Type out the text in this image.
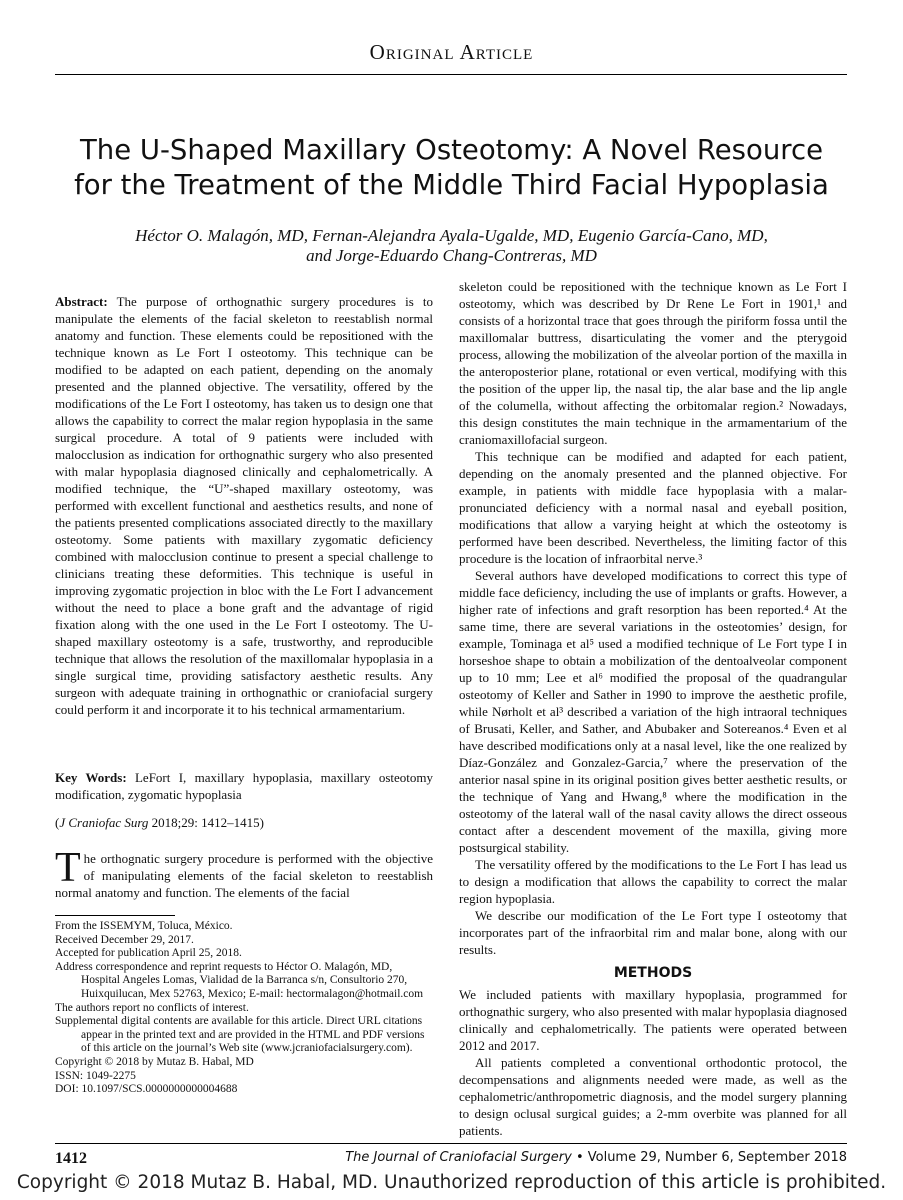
Original Article
The U-Shaped Maxillary Osteotomy: A Novel Resource
for the Treatment of the Middle Third Facial Hypoplasia
Héctor O. Malagón, MD, Fernan-Alejandra Ayala-Ugalde, MD, Eugenio García-Cano, MD,
and Jorge-Eduardo Chang-Contreras, MD

Abstract: The purpose of orthognathic surgery procedures is to manipulate the elements of the facial skeleton to reestablish normal anatomy and function. These elements could be repositioned with the technique known as Le Fort I osteotomy. This technique can be modified to be adapted on each patient, depending on the anomaly presented and the planned objective. The versatility, offered by the modifications of the Le Fort I osteotomy, has taken us to design one that allows the capability to correct the malar region hypoplasia in the same surgical procedure. A total of 9 patients were included with malocclusion as indication for orthognathic surgery who also presented with malar hypoplasia diagnosed clinically and cephalometrically. A modified technique, the “U”-shaped maxillary osteotomy, was performed with excellent functional and aesthetics results, and none of the patients presented complications associated directly to the maxillary osteotomy. Some patients with maxillary zygomatic deficiency combined with malocclusion continue to present a special challenge to clinicians treating these deformities. This technique is useful in improving zygomatic projection in bloc with the Le Fort I advancement without the need to place a bone graft and the advantage of rigid fixation along with the one used in the Le Fort I osteotomy. The U-shaped maxillary osteotomy is a safe, trustworthy, and reproducible technique that allows the resolution of the maxillomalar hypoplasia in a single surgical time, providing satisfactory aesthetic results. Any surgeon with adequate training in orthognathic or craniofacial surgery could perform it and incorporate it to his technical armamentarium.

Key Words: LeFort I, maxillary hypoplasia, maxillary osteotomy modification, zygomatic hypoplasia

(J Craniofac Surg 2018;29: 1412–1415)

The orthognatic surgery procedure is performed with the objective of manipulating elements of the facial skeleton to reestablish normal anatomy and function. The elements of the facial

From the ISSEMYM, Toluca, México.

Received December 29, 2017.

Accepted for publication April 25, 2018.

Address correspondence and reprint requests to Héctor O. Malagón, MD, Hospital Angeles Lomas, Vialidad de la Barranca s/n, Consultorio 270, Huixquilucan, Mex 52763, Mexico; E-mail: hectormalagon@hotmail.com

The authors report no conflicts of interest.

Supplemental digital contents are available for this article. Direct URL citations appear in the printed text and are provided in the HTML and PDF versions of this article on the journal’s Web site (www.jcraniofacialsurgery.com).

Copyright © 2018 by Mutaz B. Habal, MD

ISSN: 1049-2275

DOI: 10.1097/SCS.0000000000004688

skeleton could be repositioned with the technique known as Le Fort I osteotomy, which was described by Dr Rene Le Fort in 1901,¹ and consists of a horizontal trace that goes through the piriform fossa until the maxillomalar buttress, disarticulating the vomer and the pterygoid process, allowing the mobilization of the alveolar portion of the maxilla in the anteroposterior plane, rotational or even vertical, modifying with this the position of the upper lip, the nasal tip, the alar base and the lip angle of the columella, without affecting the orbitomalar region.² Nowadays, this design constitutes the main technique in the armamentarium of the craniomaxillofacial surgeon.

This technique can be modified and adapted for each patient, depending on the anomaly presented and the planned objective. For example, in patients with middle face hypoplasia with a malar-pronunciated deficiency with a normal nasal and eyeball position, modifications that allow a varying height at which the osteotomy is performed have been described. Nevertheless, the limiting factor of this procedure is the location of infraorbital nerve.³

Several authors have developed modifications to correct this type of middle face deficiency, including the use of implants or grafts. However, a higher rate of infections and graft resorption has been reported.⁴ At the same time, there are several variations in the osteotomies’ design, for example, Tominaga et al⁵ used a modified technique of Le Fort type I in horseshoe shape to obtain a mobilization of the dentoalveolar component up to 10 mm; Lee et al⁶ modified the proposal of the quadrangular osteotomy of Keller and Sather in 1990 to improve the aesthetic profile, while Nørholt et al³ described a variation of the high intraoral techniques of Brusati, Keller, and Sather, and Abubaker and Sotereanos.⁴ Even et al have described modifications only at a nasal level, like the one realized by Díaz-González and Gonzalez-Garcia,⁷ where the preservation of the anterior nasal spine in its original position gives better aesthetic results, or the technique of Yang and Hwang,⁸ where the modification in the osteotomy of the lateral wall of the nasal cavity allows the direct osseous contact after a descendent movement of the maxilla, giving more postsurgical stability.

The versatility offered by the modifications to the Le Fort I has lead us to design a modification that allows the capability to correct the malar region hypoplasia.

We describe our modification of the Le Fort type I osteotomy that incorporates part of the infraorbital rim and malar bone, along with our results.

METHODS

We included patients with maxillary hypoplasia, programmed for orthognathic surgery, who also presented with malar hypoplasia diagnosed clinically and cephalometrically. The patients were operated between 2012 and 2017.

All patients completed a conventional orthodontic protocol, the decompensations and alignments needed were made, as well as the cephalometric/anthropometric diagnosis, and the model surgery planning to design oclusal surgical guides; a 2-mm overbite was planned for all patients.

1412	The Journal of Craniofacial Surgery • Volume 29, Number 6, September 2018
Copyright © 2018 Mutaz B. Habal, MD. Unauthorized reproduction of this article is prohibited.
